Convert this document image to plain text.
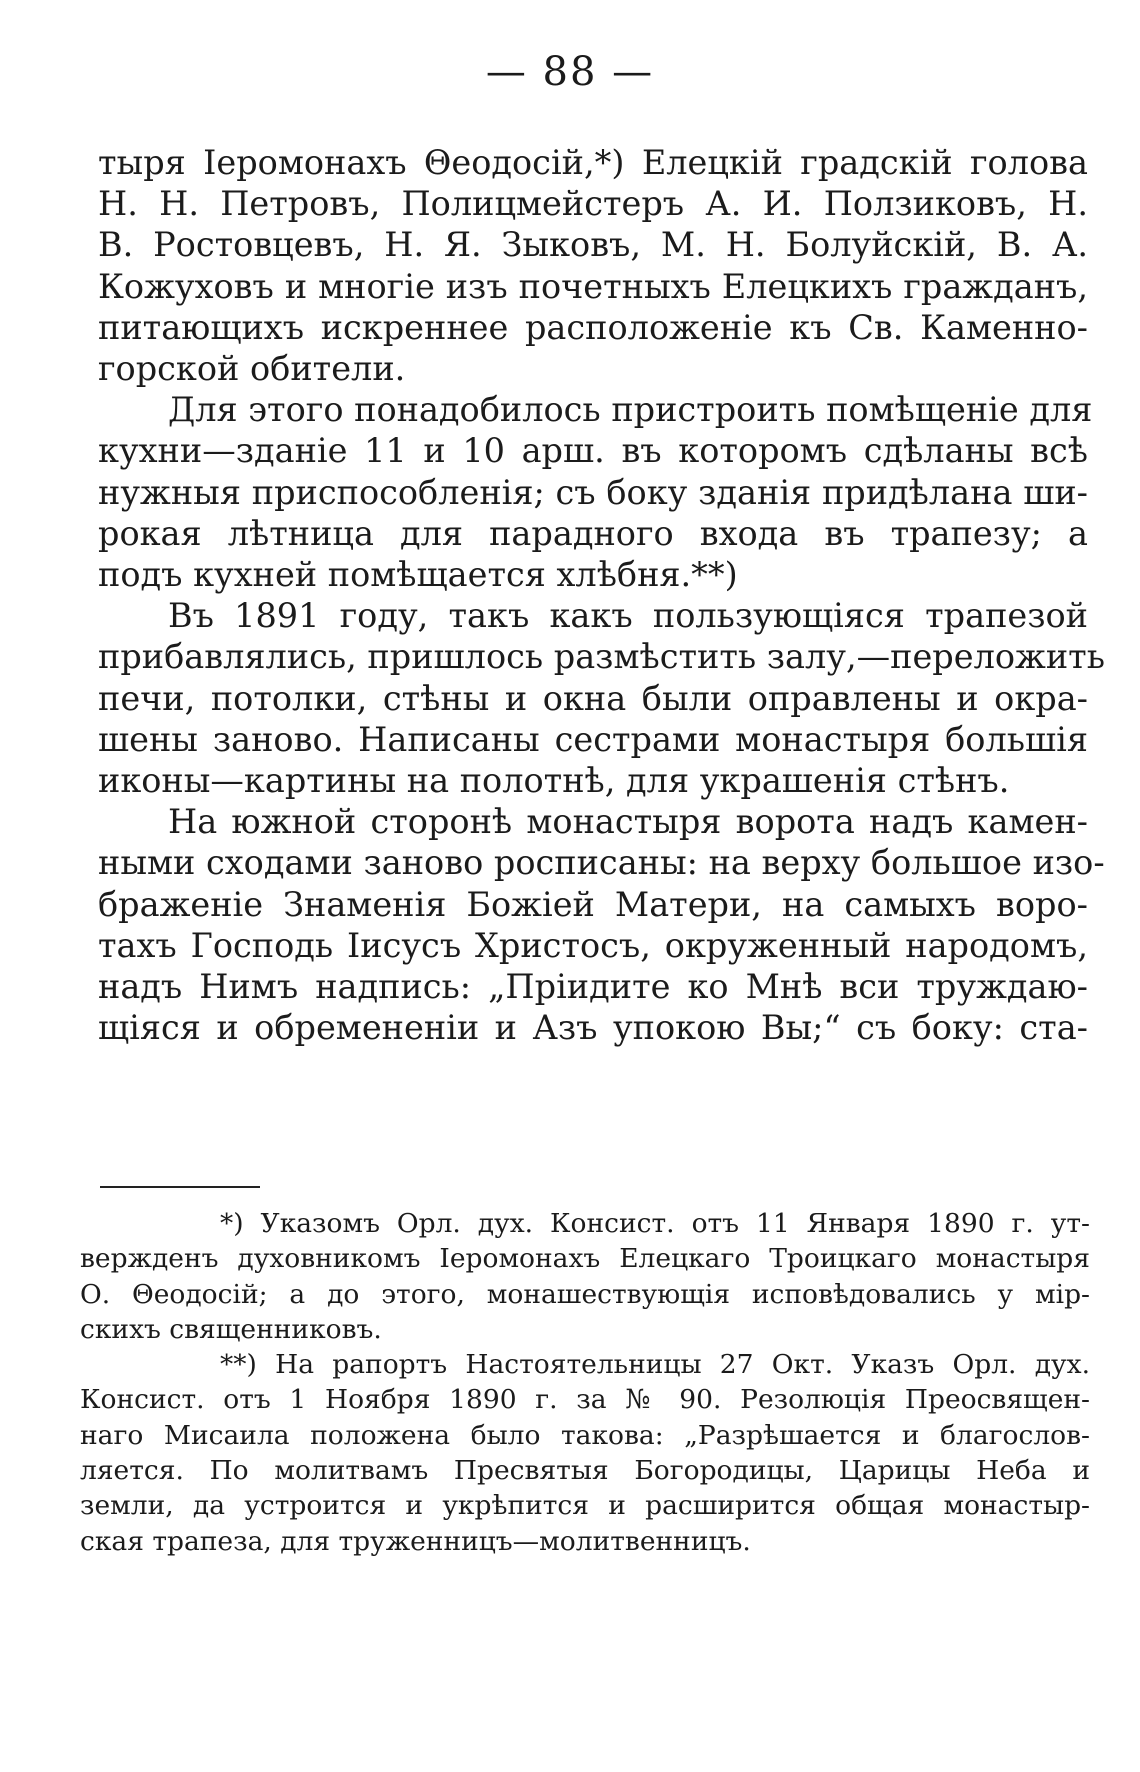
— 88 —
тыря Іеромонахъ Θеодосій,*) Елецкій градскій голова
Н. Н. Петровъ, Полицмейстеръ А. И. Ползиковъ, Н.
В. Ростовцевъ, Н. Я. Зыковъ, М. Н. Болуйскій, В. А.
Кожуховъ и многіе изъ почетныхъ Елецкихъ гражданъ,
питающихъ искреннее расположеніе къ Св. Каменно-
горской обители.
Для этого понадобилось пристроить помѣщеніе для
кухни—зданіе 11 и 10 арш. въ которомъ сдѣланы всѣ
нужныя приспособленія; съ боку зданія придѣлана ши-
рокая лѣтница для парадного входа въ трапезу; а
подъ кухней помѣщается хлѣбня.**)
Въ 1891 году, такъ какъ пользующіяся трапезой
прибавлялись, пришлось размѣстить залу,—переложить
печи, потолки, стѣны и окна были оправлены и окра-
шены заново. Написаны сестрами монастыря большія
иконы—картины на полотнѣ, для украшенія стѣнъ.
На южной сторонѣ монастыря ворота надъ камен-
ными сходами заново росписаны: на верху большое изо-
браженіе Знаменія Божіей Матери, на самыхъ воро-
тахъ Господь Іисусъ Христосъ, окруженный народомъ,
надъ Нимъ надпись: „Пріидите ко Мнѣ вси труждаю-
щіяся и обремененіи и Азъ упокою Вы;“ съ боку: ста-
*) Указомъ Орл. дух. Консист. отъ 11 Января 1890 г. ут-
вержденъ духовникомъ Іеромонахъ Елецкаго Троицкаго монастыря
О. Θеодосій; а до этого, монашествующія исповѣдовались у мір-
скихъ священниковъ.
**) На рапортъ Настоятельницы 27 Окт. Указъ Орл. дух.
Консист. отъ 1 Ноября 1890 г. за № 90. Резолюція Преосвящен-
наго Мисаила положена было такова: „Разрѣшается и благослов-
ляется. По молитвамъ Пресвятыя Богородицы, Царицы Неба и
земли, да устроится и укрѣпится и расширится общая монастыр-
ская трапеза, для труженницъ—молитвенницъ.
